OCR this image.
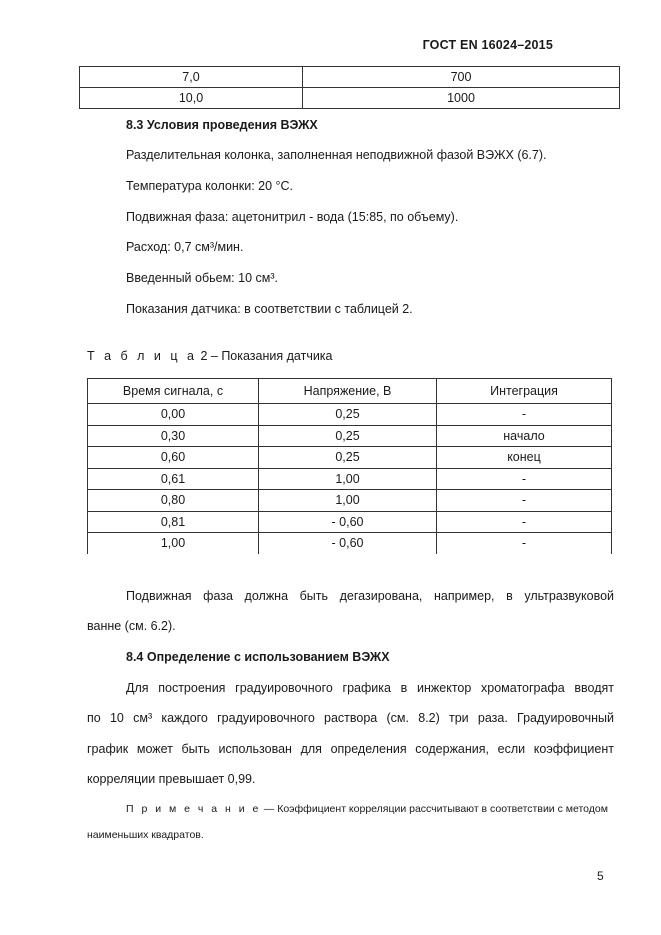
ГОСТ EN 16024–2015
7,0	700
10,0	1000
8.3 Условия проведения ВЭЖХ
Разделительная колонка, заполненная неподвижной фазой ВЭЖХ (6.7).
Температура колонки: 20 °С.
Подвижная фаза: ацетонитрил - вода (15:85, по объему).
Расход: 0,7 см³/мин.
Введенный обьем: 10 см³.
Показания датчика: в соответствии с таблицей 2.
Т а б л и ц а 2 – Показания датчика
Время сигнала, с	Напряжение, В	Интеграция
0,00	0,25	-
0,30	0,25	начало
0,60	0,25	конец
0,61	1,00	-
0,80	1,00	-
0,81	- 0,60	-
1,00	- 0,60	-
Подвижная фаза должна быть дегазирована, например, в ультразвуковой
ванне (см. 6.2).
8.4 Определение с использованием ВЭЖХ
Для построения градуировочного графика в инжектор хроматографа вводят
по 10 см³ каждого градуировочного раствора (см. 8.2) три раза. Градуировочный
график может быть использован для определения содержания, если коэффициент
корреляции превышает 0,99.
П р и м е ч а н и е — Коэффициент корреляции рассчитывают в соответствии с методом
наименьших квадратов.
5
